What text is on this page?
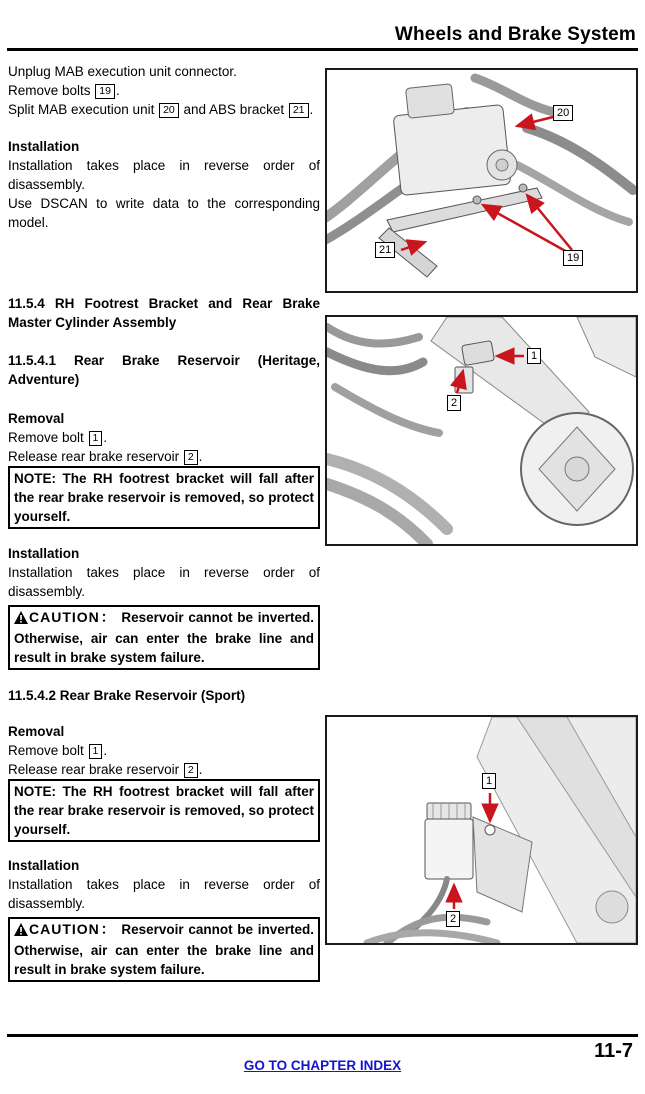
Wheels and Brake System
Unplug MAB execution unit connector.
Remove bolts 19 .
Split MAB execution unit 20 and ABS bracket 21 .
Installation
Installation takes place in reverse order of disassembly.
Use DSCAN to write data to the corresponding model.
11.5.4 RH Footrest Bracket and Rear Brake Master Cylinder Assembly
11.5.4.1 Rear Brake Reservoir (Heritage, Adventure)
Removal
Remove bolt 1 .
Release rear brake reservoir 2 .
NOTE: The RH footrest bracket will fall after the rear brake reservoir is removed, so protect yourself.
Installation
Installation takes place in reverse order of disassembly.
CAUTION： Reservoir cannot be inverted. Otherwise, air can enter the brake line and result in brake system failure.
11.5.4.2 Rear Brake Reservoir (Sport)
Removal
Remove bolt 1 .
Release rear brake reservoir 2 .
NOTE: The RH footrest bracket will fall after the rear brake reservoir is removed, so protect yourself.
Installation
Installation takes place in reverse order of disassembly.
CAUTION： Reservoir cannot be inverted. Otherwise, air can enter the brake line and result in brake system failure.
20
21
19
1
2
1
2
11-7
GO TO CHAPTER INDEX
